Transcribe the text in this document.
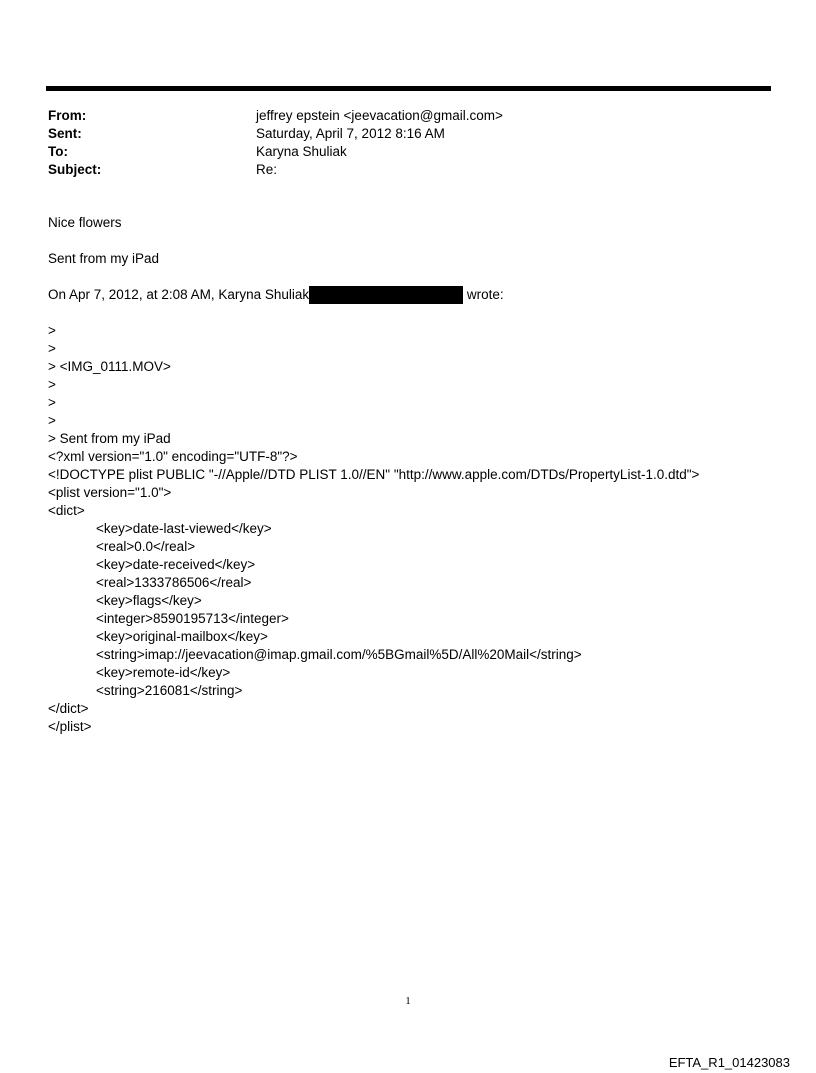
From:	jeffrey epstein <jeevacation@gmail.com>
Sent:	Saturday, April 7, 2012 8:16 AM
To:	Karyna Shuliak
Subject:	Re:
Nice flowers
Sent from my iPad
On Apr 7, 2012, at 2:08 AM, Karyna Shuliak	wrote:
>
>
> <IMG_0111.MOV>
>
>
>
> Sent from my iPad
<?xml version="1.0" encoding="UTF-8"?>
<!DOCTYPE plist PUBLIC "-//Apple//DTD PLIST 1.0//EN" "http://www.apple.com/DTDs/PropertyList-1.0.dtd">
<plist version="1.0">
<dict>
<key>date-last-viewed</key>
<real>0.0</real>
<key>date-received</key>
<real>1333786506</real>
<key>flags</key>
<integer>8590195713</integer>
<key>original-mailbox</key>
<string>imap://jeevacation@imap.gmail.com/%5BGmail%5D/All%20Mail</string>
<key>remote-id</key>
<string>216081</string>
</dict>
</plist>
1
EFTA_R1_01423083
